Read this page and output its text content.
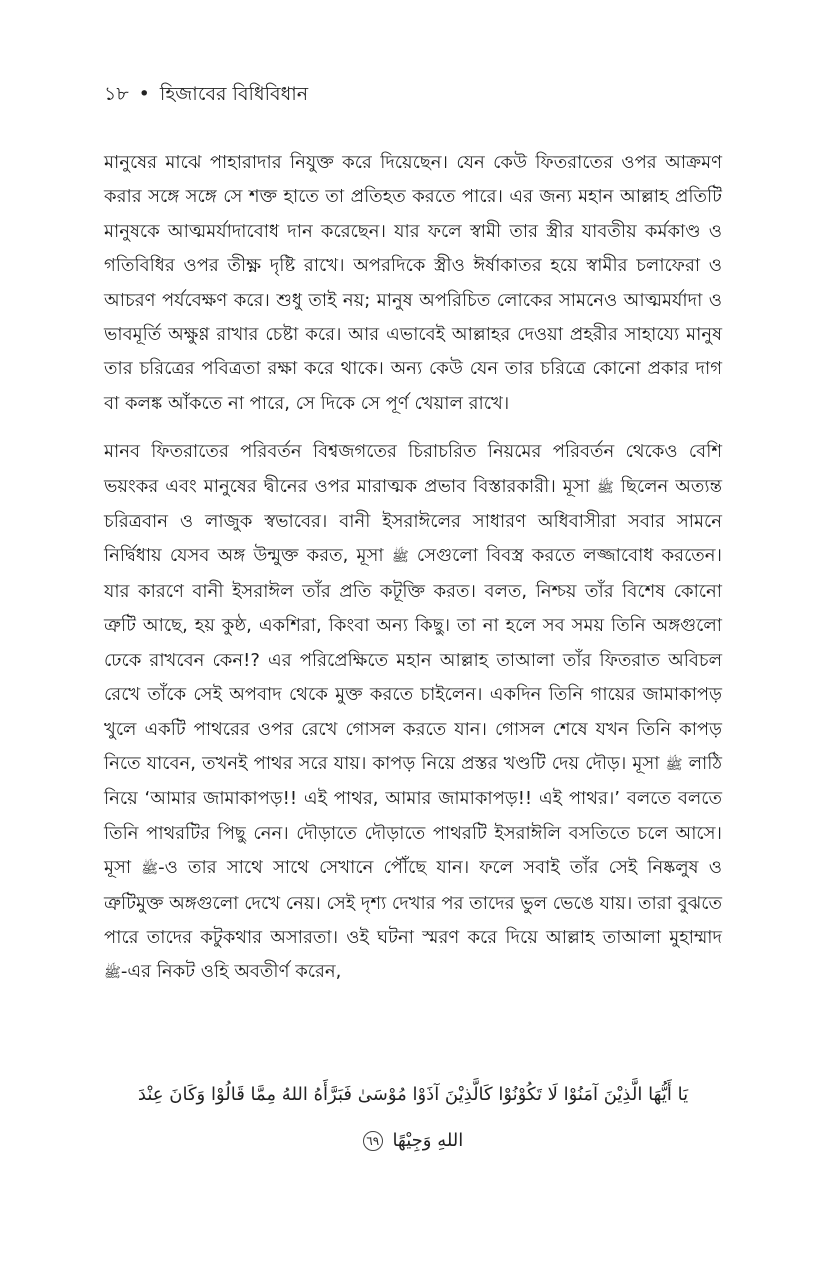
১৮ • হিজাবের বিধিবিধান

মানুষের মাঝে পাহারাদার নিযুক্ত করে দিয়েছেন। যেন কেউ ফিতরাতের ওপর আক্রমণ করার সঙ্গে সঙ্গে সে শক্ত হাতে তা প্রতিহত করতে পারে। এর জন্য মহান আল্লাহ প্রতিটি মানুষকে আত্মমর্যাদাবোধ দান করেছেন। যার ফলে স্বামী তার স্ত্রীর যাবতীয় কর্মকাণ্ড ও গতিবিধির ওপর তীক্ষ্ণ দৃষ্টি রাখে। অপরদিকে স্ত্রীও ঈর্ষাকাতর হয়ে স্বামীর চলাফেরা ও আচরণ পর্যবেক্ষণ করে। শুধু তাই নয়; মানুষ অপরিচিত লোকের সামনেও আত্মমর্যাদা ও ভাবমূর্তি অক্ষুণ্ণ রাখার চেষ্টা করে। আর এভাবেই আল্লাহর দেওয়া প্রহরীর সাহায্যে মানুষ তার চরিত্রের পবিত্রতা রক্ষা করে থাকে। অন্য কেউ যেন তার চরিত্রে কোনো প্রকার দাগ বা কলঙ্ক আঁকতে না পারে, সে দিকে সে পূর্ণ খেয়াল রাখে।

মানব ফিতরাতের পরিবর্তন বিশ্বজগতের চিরাচরিত নিয়মের পরিবর্তন থেকেও বেশি ভয়ংকর এবং মানুষের দ্বীনের ওপর মারাত্মক প্রভাব বিস্তারকারী। মূসা ﷺ ছিলেন অত্যন্ত চরিত্রবান ও লাজুক স্বভাবের। বানী ইসরাঈলের সাধারণ অধিবাসীরা সবার সামনে নির্দ্বিধায় যেসব অঙ্গ উন্মুক্ত করত, মূসা ﷺ সেগুলো বিবস্ত্র করতে লজ্জাবোধ করতেন। যার কারণে বানী ইসরাঈল তাঁর প্রতি কটূক্তি করত। বলত, নিশ্চয় তাঁর বিশেষ কোনো ত্রুটি আছে, হয় কুষ্ঠ, একশিরা, কিংবা অন্য কিছু। তা না হলে সব সময় তিনি অঙ্গগুলো ঢেকে রাখবেন কেন!? এর পরিপ্রেক্ষিতে মহান আল্লাহ তাআলা তাঁর ফিতরাত অবিচল রেখে তাঁকে সেই অপবাদ থেকে মুক্ত করতে চাইলেন। একদিন তিনি গায়ের জামাকাপড় খুলে একটি পাথরের ওপর রেখে গোসল করতে যান। গোসল শেষে যখন তিনি কাপড় নিতে যাবেন, তখনই পাথর সরে যায়। কাপড় নিয়ে প্রস্তর খণ্ডটি দেয় দৌড়। মূসা ﷺ লাঠি নিয়ে ‘আমার জামাকাপড়!! এই পাথর, আমার জামাকাপড়!! এই পাথর।’ বলতে বলতে তিনি পাথরটির পিছু নেন। দৌড়াতে দৌড়াতে পাথরটি ইসরাঈলি বসতিতে চলে আসে। মূসা ﷺ-ও তার সাথে সাথে সেখানে পৌঁছে যান। ফলে সবাই তাঁর সেই নিষ্কলুষ ও ত্রুটিমুক্ত অঙ্গগুলো দেখে নেয়। সেই দৃশ্য দেখার পর তাদের ভুল ভেঙে যায়। তারা বুঝতে পারে তাদের কটুকথার অসারতা। ওই ঘটনা স্মরণ করে দিয়ে আল্লাহ তাআলা মুহাম্মাদ ﷺ-এর নিকট ওহি অবতীর্ণ করেন,

يَا أَيُّهَا الَّذِيْنَ آمَنُوْا لَا تَكُوْنُوْا كَالَّذِيْنَ آذَوْا مُوْسَىٰ فَبَرَّأَهُ اللهُ مِمَّا قَالُوْا وَكَانَ عِنْدَ
اللهِ وَجِيْهًا ٦٩
